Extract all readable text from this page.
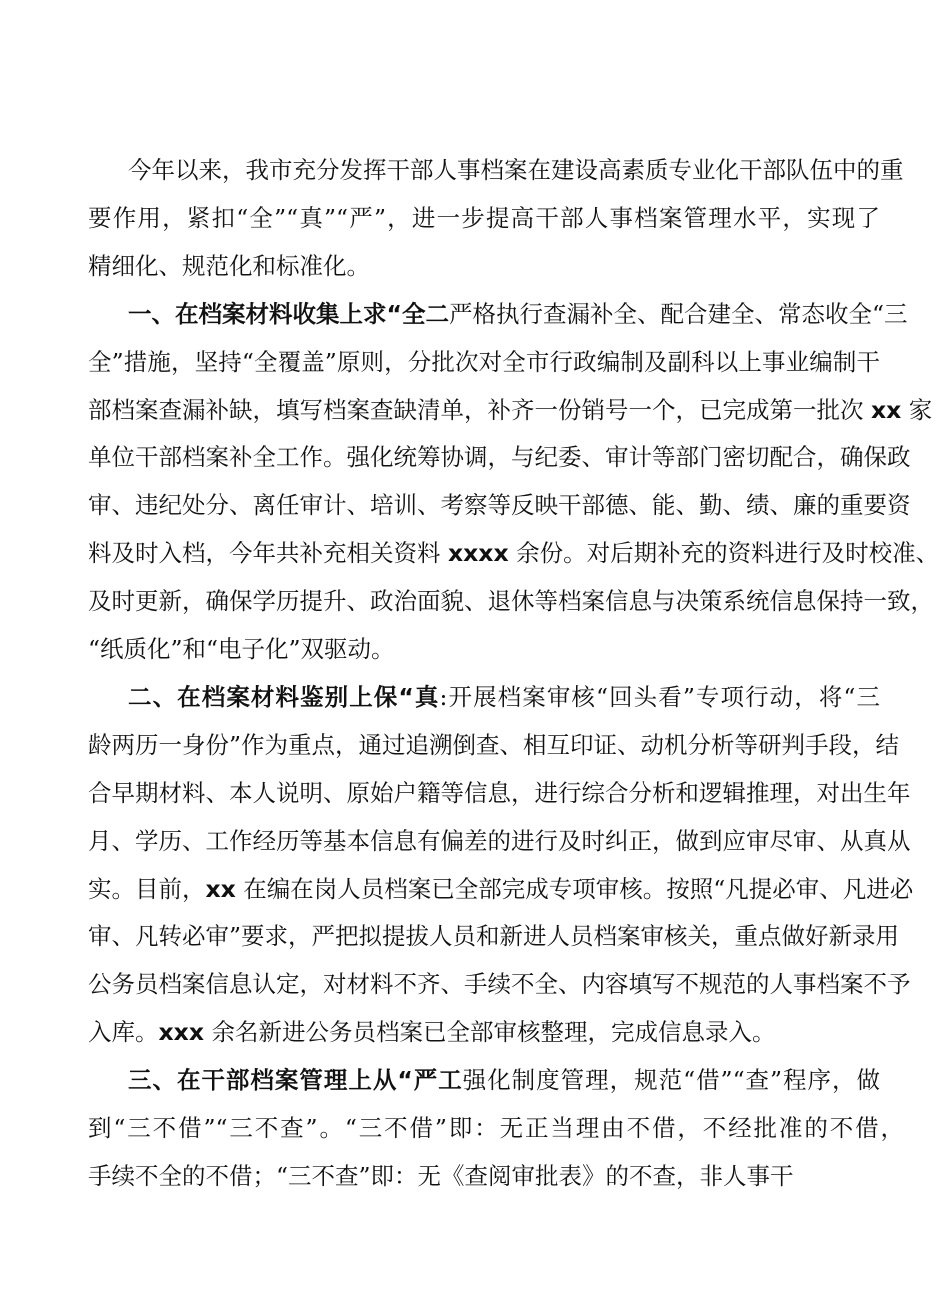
今年以来，我市充分发挥干部人事档案在建设高素质专业化干部队伍中的重
要作用，紧扣“全”“真”“严”，进一步提高干部人事档案管理水平，实现了
精细化、规范化和标准化。
一、在档案材料收集上求“全二严格执行查漏补全、配合建全、常态收全“三
全”措施，坚持“全覆盖”原则，分批次对全市行政编制及副科以上事业编制干
部档案查漏补缺，填写档案查缺清单，补齐一份销号一个，已完成第一批次 xx 家
单位干部档案补全工作。强化统筹协调，与纪委、审计等部门密切配合，确保政
审、违纪处分、离任审计、培训、考察等反映干部德、能、勤、绩、廉的重要资
料及时入档，今年共补充相关资料 xxxx 余份。对后期补充的资料进行及时校准、
及时更新，确保学历提升、政治面貌、退休等档案信息与决策系统信息保持一致，
“纸质化”和“电子化”双驱动。
二、在档案材料鉴别上保“真:开展档案审核“回头看”专项行动，将“三
龄两历一身份”作为重点，通过追溯倒查、相互印证、动机分析等研判手段，结
合早期材料、本人说明、原始户籍等信息，进行综合分析和逻辑推理，对出生年
月、学历、工作经历等基本信息有偏差的进行及时纠正，做到应审尽审、从真从
实。目前，xx 在编在岗人员档案已全部完成专项审核。按照“凡提必审、凡进必
审、凡转必审”要求，严把拟提拔人员和新进人员档案审核关，重点做好新录用
公务员档案信息认定，对材料不齐、手续不全、内容填写不规范的人事档案不予
入库。xxx 余名新进公务员档案已全部审核整理，完成信息录入。
三、在干部档案管理上从“严工强化制度管理，规范“借”“查”程序，做
到“三不借”“三不查”。“三不借”即：无正当理由不借，不经批准的不借，
手续不全的不借；“三不查”即：无《查阅审批表》的不查，非人事干
